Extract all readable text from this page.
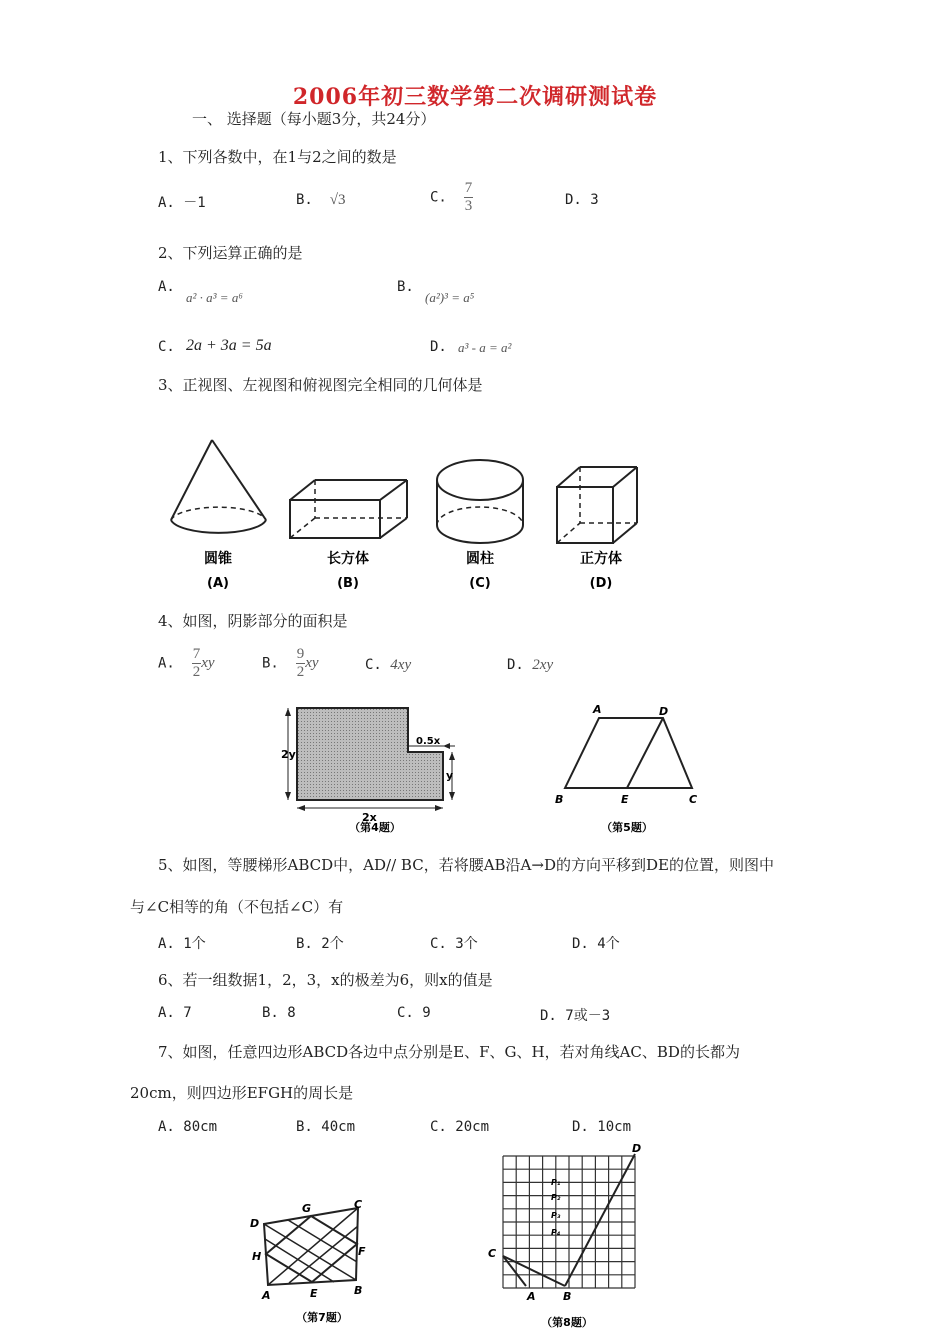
2006年初三数学第二次调研测试卷
一、 选择题（每小题3分，共24分）
1、下列各数中，在1与2之间的数是
A. －1	B. √3	C. $\frac{7}{3}$	D. 3
2、下列运算正确的是
A.
a² · a³ = a⁶
B.
(a²)³ = a⁵
C. 2a + 3a = 5a	D. a³ - a = a²
3、正视图、左视图和俯视图完全相同的几何体是
圆锥
(A)
长方体
(B)
圆柱
(C)
正方体
(D)
4、如图，阴影部分的面积是
A. $\frac{7}{2}$ xy	B. $\frac{9}{2}$ xy	C. 4xy	D. 2xy
2y
2x
0.5x
y
（第4题）
A	D
B	E	C
（第5题）
5、如图，等腰梯形ABCD中，AD// BC，若将腰AB沿A→D的方向平移到DE的位置，则图中
与∠C相等的角（不包括∠C）有
A. 1个	B. 2个	C. 3个	D. 4个
6、若一组数据1，2，3，x的极差为6，则x的值是
A. 7	B. 8	C. 9	D. 7或－3
7、如图，任意四边形ABCD各边中点分别是E、F、G、H，若对角线AC、BD的长都为
20cm，则四边形EFGH的周长是
A. 80cm	B. 40cm	C. 20cm	D. 10cm
A	B
C
D
E
F
G
H
（第7题）
A B
C
D
P₁
P₂
P₃
P₄
（第8题）
